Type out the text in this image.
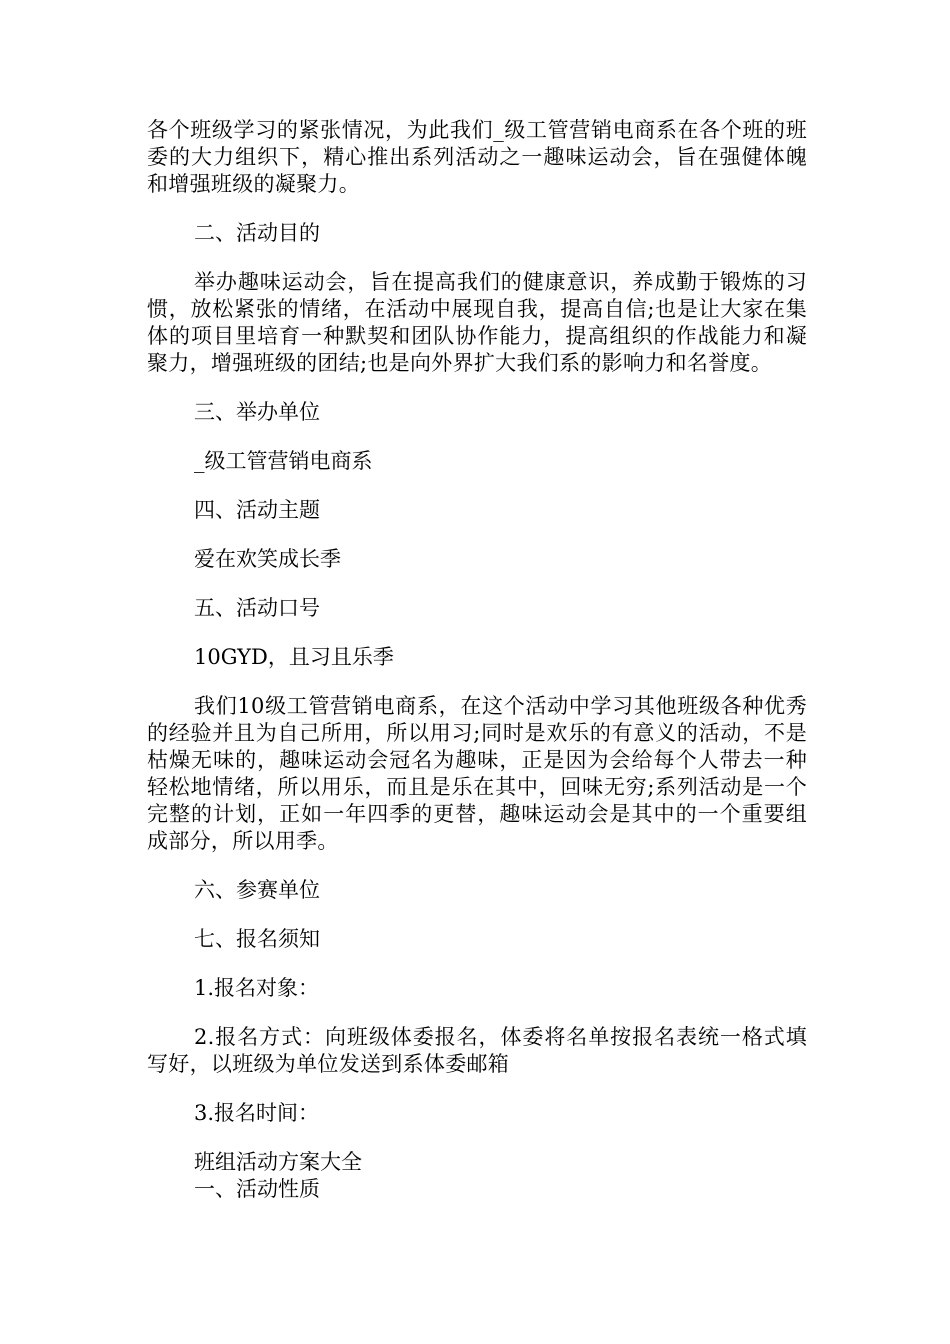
各个班级学习的紧张情况，为此我们_级工管营销电商系在各个班的班委的大力组织下，精心推出系列活动之一趣味运动会，旨在强健体魄和增强班级的凝聚力。

二、活动目的

举办趣味运动会，旨在提高我们的健康意识，养成勤于锻炼的习惯，放松紧张的情绪，在活动中展现自我，提高自信;也是让大家在集体的项目里培育一种默契和团队协作能力，提高组织的作战能力和凝聚力，增强班级的团结;也是向外界扩大我们系的影响力和名誉度。

三、举办单位

_级工管营销电商系

四、活动主题

爱在欢笑成长季

五、活动口号

10GYD，且习且乐季

我们10级工管营销电商系，在这个活动中学习其他班级各种优秀的经验并且为自己所用，所以用习;同时是欢乐的有意义的活动，不是枯燥无味的，趣味运动会冠名为趣味，正是因为会给每个人带去一种轻松地情绪，所以用乐，而且是乐在其中，回味无穷;系列活动是一个完整的计划，正如一年四季的更替，趣味运动会是其中的一个重要组成部分，所以用季。

六、参赛单位

七、报名须知

1.报名对象：

2.报名方式：向班级体委报名，体委将名单按报名表统一格式填写好，以班级为单位发送到系体委邮箱

3.报名时间：

班组活动方案大全

一、活动性质
